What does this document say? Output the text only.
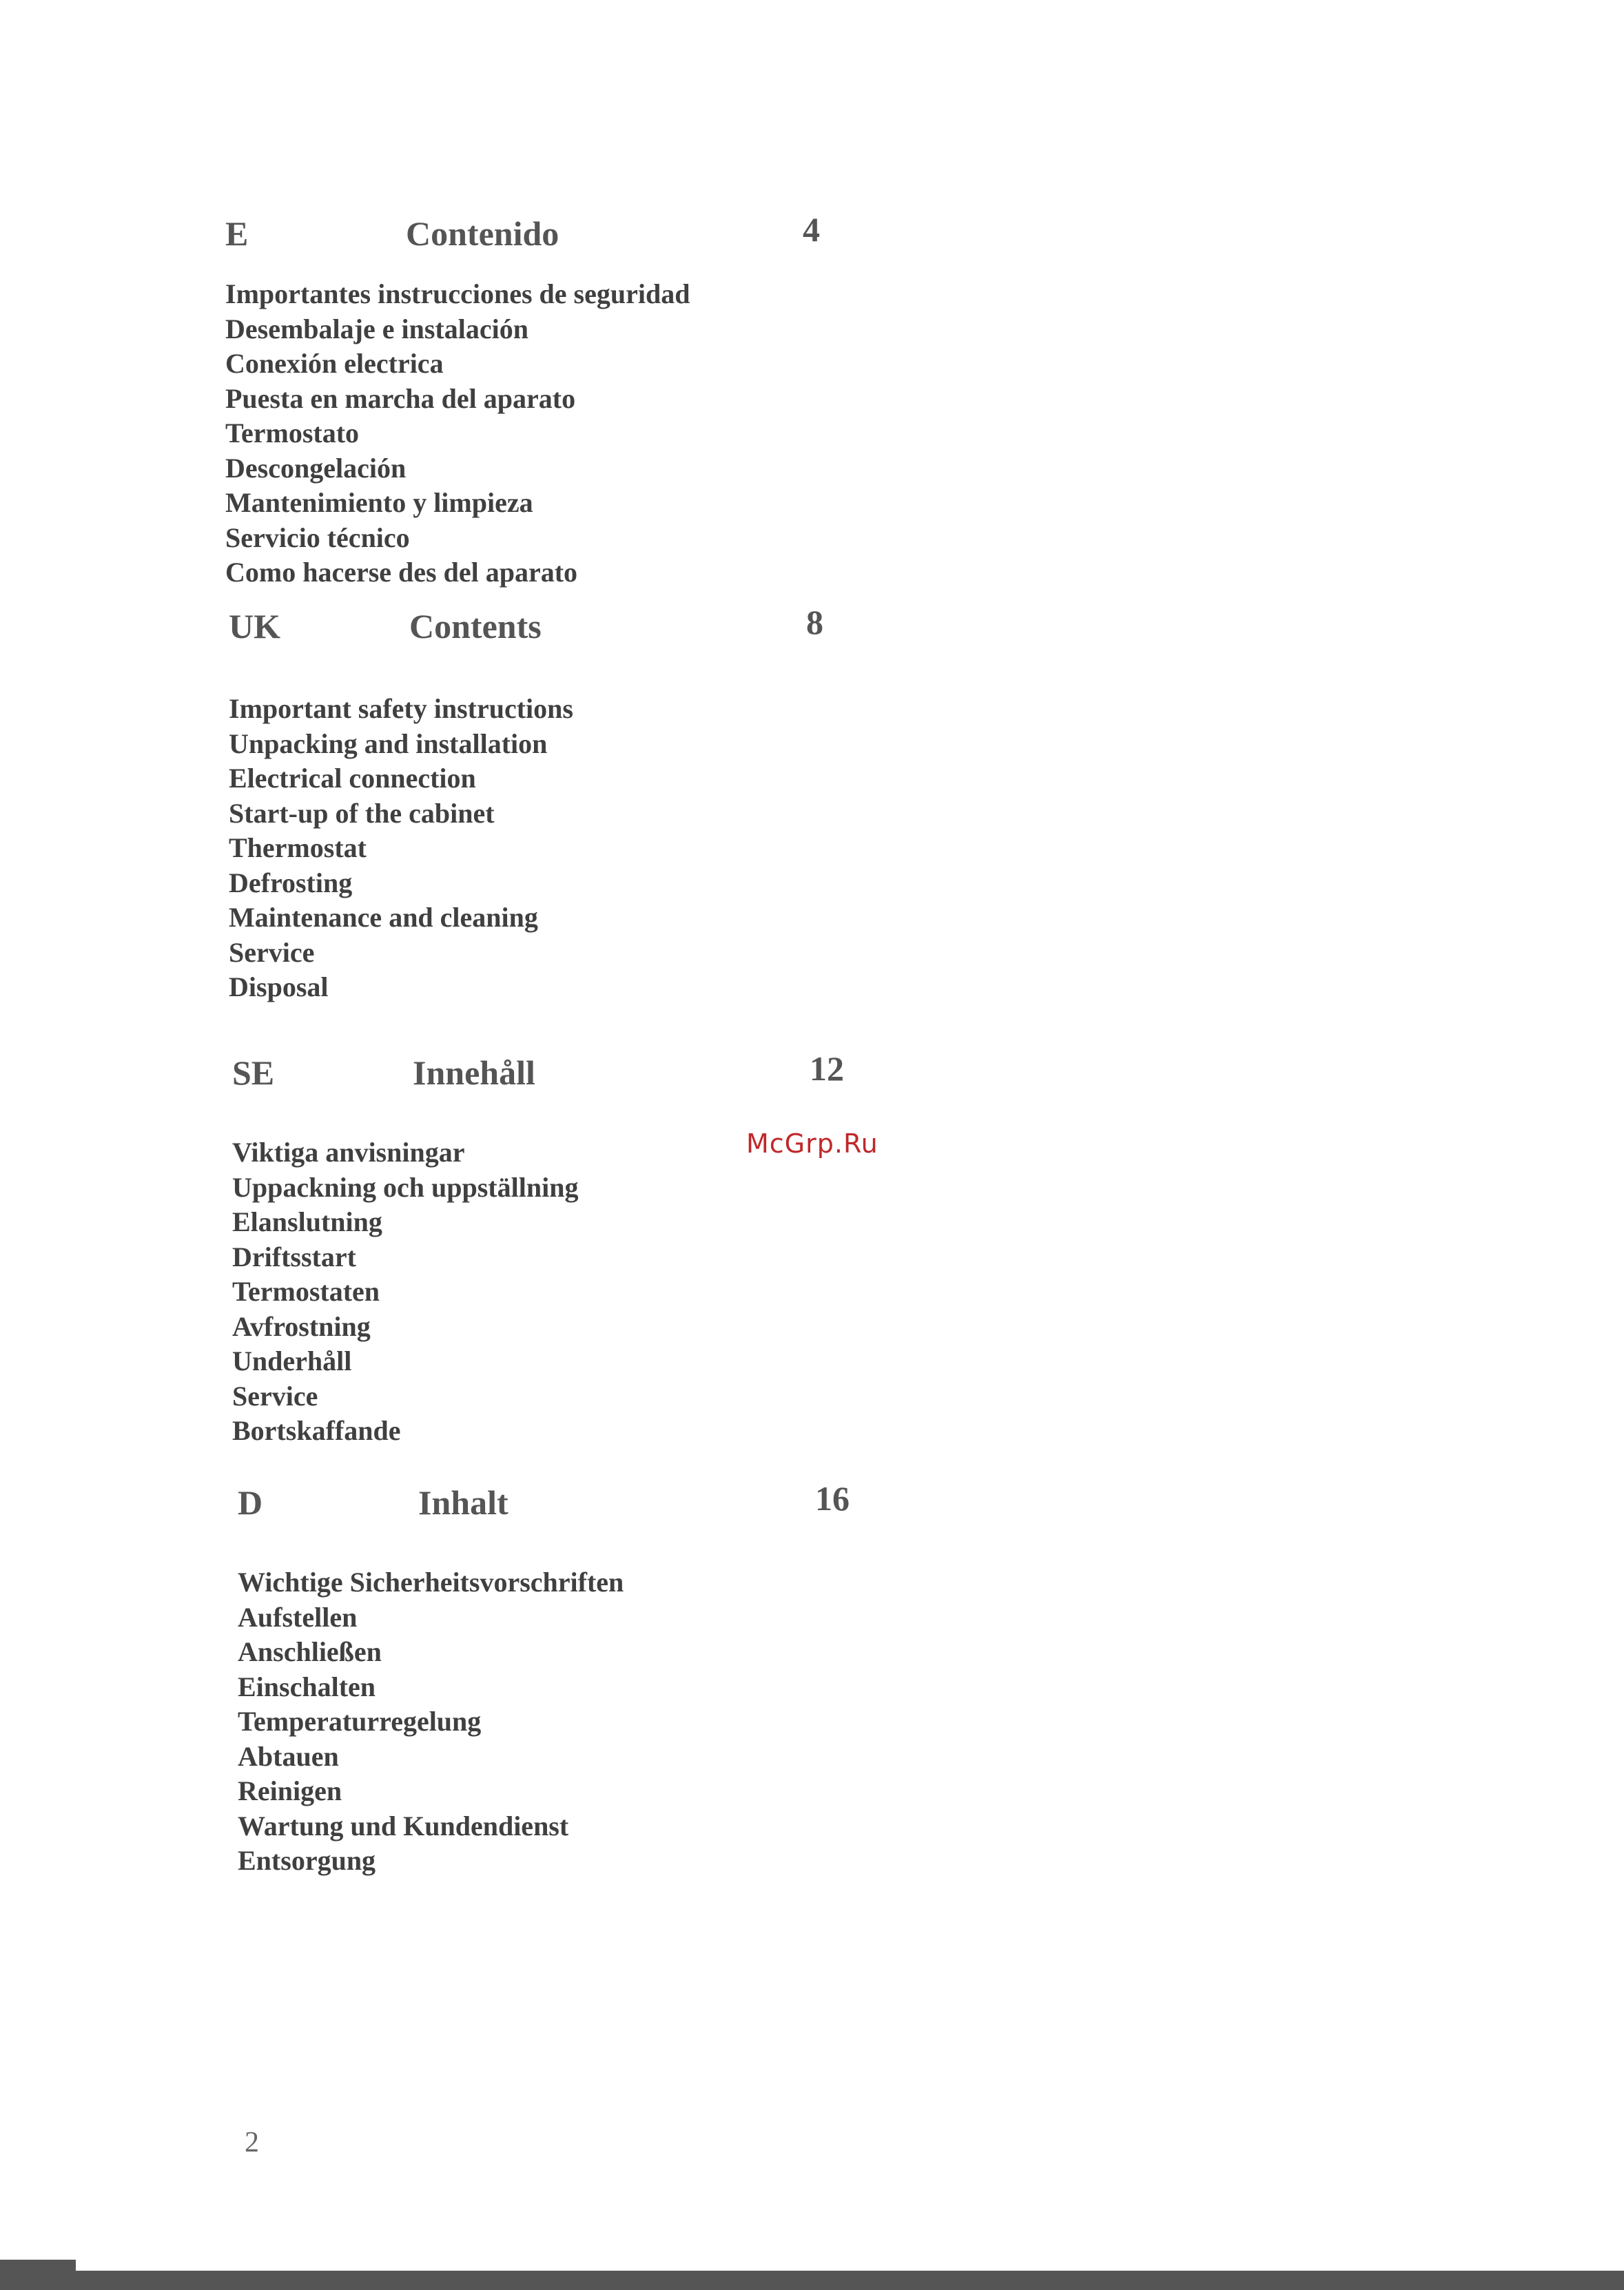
E	Contenido	4
Importantes instrucciones de seguridad
Desembalaje e instalación
Conexión electrica
Puesta en marcha del aparato
Termostato
Descongelación
Mantenimiento y limpieza
Servicio técnico
Como hacerse des del aparato
UK	Contents	8
Important safety instructions
Unpacking and installation
Electrical connection
Start-up of the cabinet
Thermostat
Defrosting
Maintenance and cleaning
Service
Disposal
SE	Innehåll	12
Viktiga anvisningar
Uppackning och uppställning
Elanslutning
Driftsstart
Termostaten
Avfrostning
Underhåll
Service
Bortskaffande
D	Inhalt	16
Wichtige Sicherheitsvorschriften
Aufstellen
Anschließen
Einschalten
Temperaturregelung
Abtauen
Reinigen
Wartung und Kundendienst
Entsorgung
McGrp.Ru
2
